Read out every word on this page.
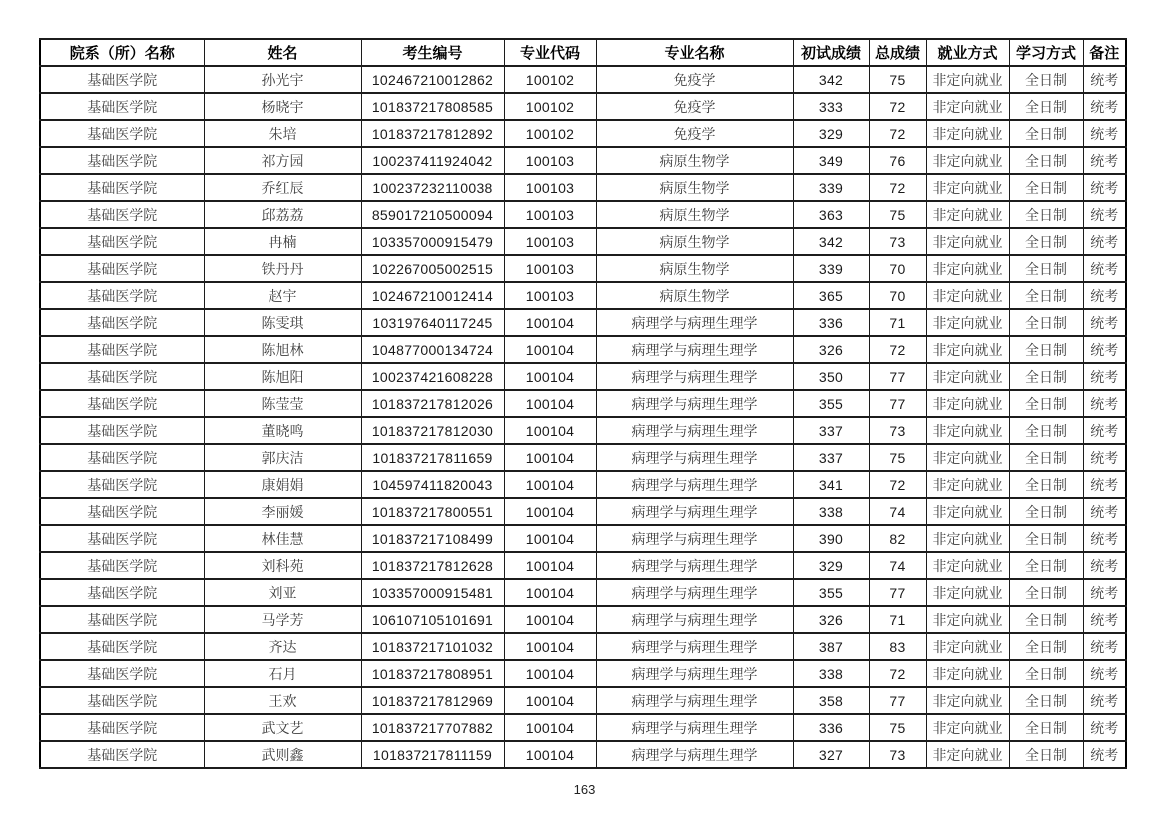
院系（所）名称	姓名	考生编号	专业代码	专业名称	初试成绩	总成绩	就业方式	学习方式	备注
基础医学院	孙光宇	102467210012862	100102	免疫学	342	75	非定向就业	全日制	统考
基础医学院	杨晓宇	101837217808585	100102	免疫学	333	72	非定向就业	全日制	统考
基础医学院	朱培	101837217812892	100102	免疫学	329	72	非定向就业	全日制	统考
基础医学院	祁方园	100237411924042	100103	病原生物学	349	76	非定向就业	全日制	统考
基础医学院	乔红辰	100237232110038	100103	病原生物学	339	72	非定向就业	全日制	统考
基础医学院	邱荔荔	859017210500094	100103	病原生物学	363	75	非定向就业	全日制	统考
基础医学院	冉楠	103357000915479	100103	病原生物学	342	73	非定向就业	全日制	统考
基础医学院	铁丹丹	102267005002515	100103	病原生物学	339	70	非定向就业	全日制	统考
基础医学院	赵宇	102467210012414	100103	病原生物学	365	70	非定向就业	全日制	统考
基础医学院	陈雯琪	103197640117245	100104	病理学与病理生理学	336	71	非定向就业	全日制	统考
基础医学院	陈旭林	104877000134724	100104	病理学与病理生理学	326	72	非定向就业	全日制	统考
基础医学院	陈旭阳	100237421608228	100104	病理学与病理生理学	350	77	非定向就业	全日制	统考
基础医学院	陈莹莹	101837217812026	100104	病理学与病理生理学	355	77	非定向就业	全日制	统考
基础医学院	董晓鸣	101837217812030	100104	病理学与病理生理学	337	73	非定向就业	全日制	统考
基础医学院	郭庆洁	101837217811659	100104	病理学与病理生理学	337	75	非定向就业	全日制	统考
基础医学院	康娟娟	104597411820043	100104	病理学与病理生理学	341	72	非定向就业	全日制	统考
基础医学院	李丽媛	101837217800551	100104	病理学与病理生理学	338	74	非定向就业	全日制	统考
基础医学院	林佳慧	101837217108499	100104	病理学与病理生理学	390	82	非定向就业	全日制	统考
基础医学院	刘科苑	101837217812628	100104	病理学与病理生理学	329	74	非定向就业	全日制	统考
基础医学院	刘亚	103357000915481	100104	病理学与病理生理学	355	77	非定向就业	全日制	统考
基础医学院	马学芳	106107105101691	100104	病理学与病理生理学	326	71	非定向就业	全日制	统考
基础医学院	齐达	101837217101032	100104	病理学与病理生理学	387	83	非定向就业	全日制	统考
基础医学院	石月	101837217808951	100104	病理学与病理生理学	338	72	非定向就业	全日制	统考
基础医学院	王欢	101837217812969	100104	病理学与病理生理学	358	77	非定向就业	全日制	统考
基础医学院	武文艺	101837217707882	100104	病理学与病理生理学	336	75	非定向就业	全日制	统考
基础医学院	武则鑫	101837217811159	100104	病理学与病理生理学	327	73	非定向就业	全日制	统考
163
